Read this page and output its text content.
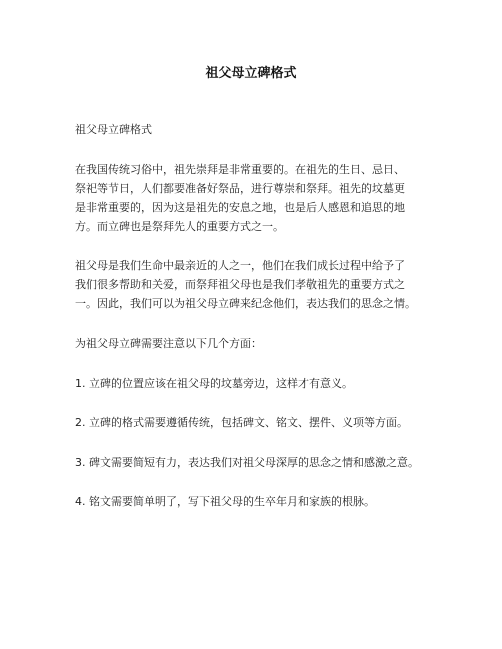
祖父母立碑格式
祖父母立碑格式
在我国传统习俗中，祖先崇拜是非常重要的。在祖先的生日、忌日、
祭祀等节日，人们都要准备好祭品，进行尊崇和祭拜。祖先的坟墓更
是非常重要的，因为这是祖先的安息之地，也是后人感恩和追思的地
方。而立碑也是祭拜先人的重要方式之一。
祖父母是我们生命中最亲近的人之一，他们在我们成长过程中给予了
我们很多帮助和关爱，而祭拜祖父母也是我们孝敬祖先的重要方式之
一。因此，我们可以为祖父母立碑来纪念他们，表达我们的思念之情。
为祖父母立碑需要注意以下几个方面：
1. 立碑的位置应该在祖父母的坟墓旁边，这样才有意义。
2. 立碑的格式需要遵循传统，包括碑文、铭文、摆件、义项等方面。
3. 碑文需要简短有力，表达我们对祖父母深厚的思念之情和感激之意。
4. 铭文需要简单明了，写下祖父母的生卒年月和家族的根脉。
